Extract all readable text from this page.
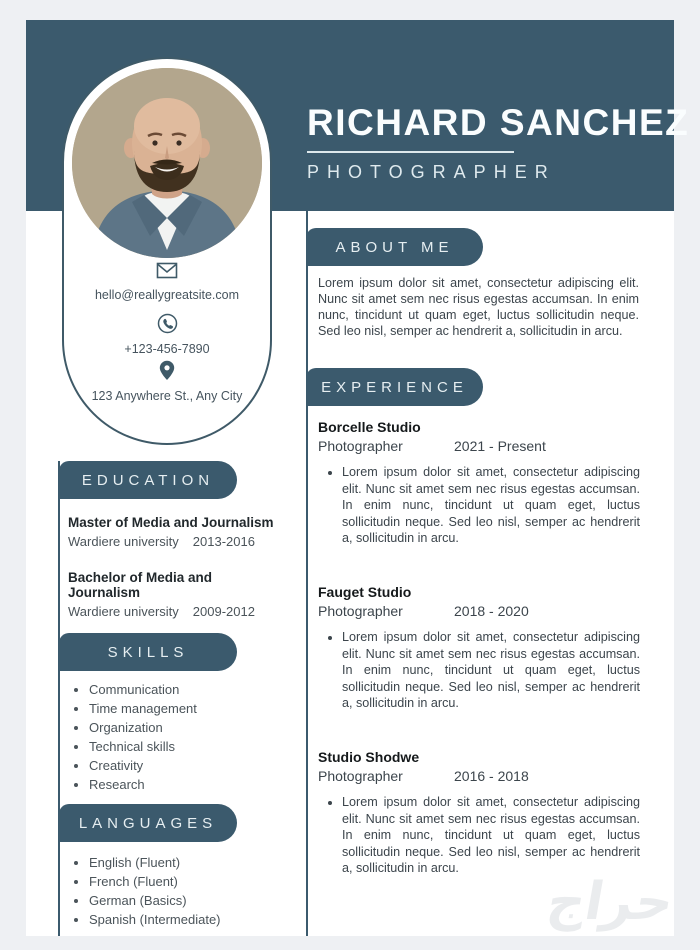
RICHARD SANCHEZ
PHOTOGRAPHER
hello@reallygreatsite.com
+123-456-7890
123 Anywhere St., Any City
EDUCATION
Master of Media and Journalism
Wardiere university 2013-2016
Bachelor of Media and Journalism
Wardiere university 2009-2012
SKILLS
• Communication
• Time management
• Organization
• Technical skills
• Creativity
• Research
LANGUAGES
• English (Fluent)
• French (Fluent)
• German (Basics)
• Spanish (Intermediate)
ABOUT ME
Lorem ipsum dolor sit amet, consectetur adipiscing elit. Nunc sit amet sem nec risus egestas accumsan. In enim nunc, tincidunt ut quam eget, luctus sollicitudin neque. Sed leo nisl, semper ac hendrerit a, sollicitudin in arcu.
EXPERIENCE
Borcelle Studio
Photographer	2021 - Present
• Lorem ipsum dolor sit amet, consectetur adipiscing elit. Nunc sit amet sem nec risus egestas accumsan. In enim nunc, tincidunt ut quam eget, luctus sollicitudin neque. Sed leo nisl, semper ac hendrerit a, sollicitudin in arcu.
Fauget Studio
Photographer	2018 - 2020
• Lorem ipsum dolor sit amet, consectetur adipiscing elit. Nunc sit amet sem nec risus egestas accumsan. In enim nunc, tincidunt ut quam eget, luctus sollicitudin neque. Sed leo nisl, semper ac hendrerit a, sollicitudin in arcu.
Studio Shodwe
Photographer	2016 - 2018
• Lorem ipsum dolor sit amet, consectetur adipiscing elit. Nunc sit amet sem nec risus egestas accumsan. In enim nunc, tincidunt ut quam eget, luctus sollicitudin neque. Sed leo nisl, semper ac hendrerit a, sollicitudin in arcu.
حراج
